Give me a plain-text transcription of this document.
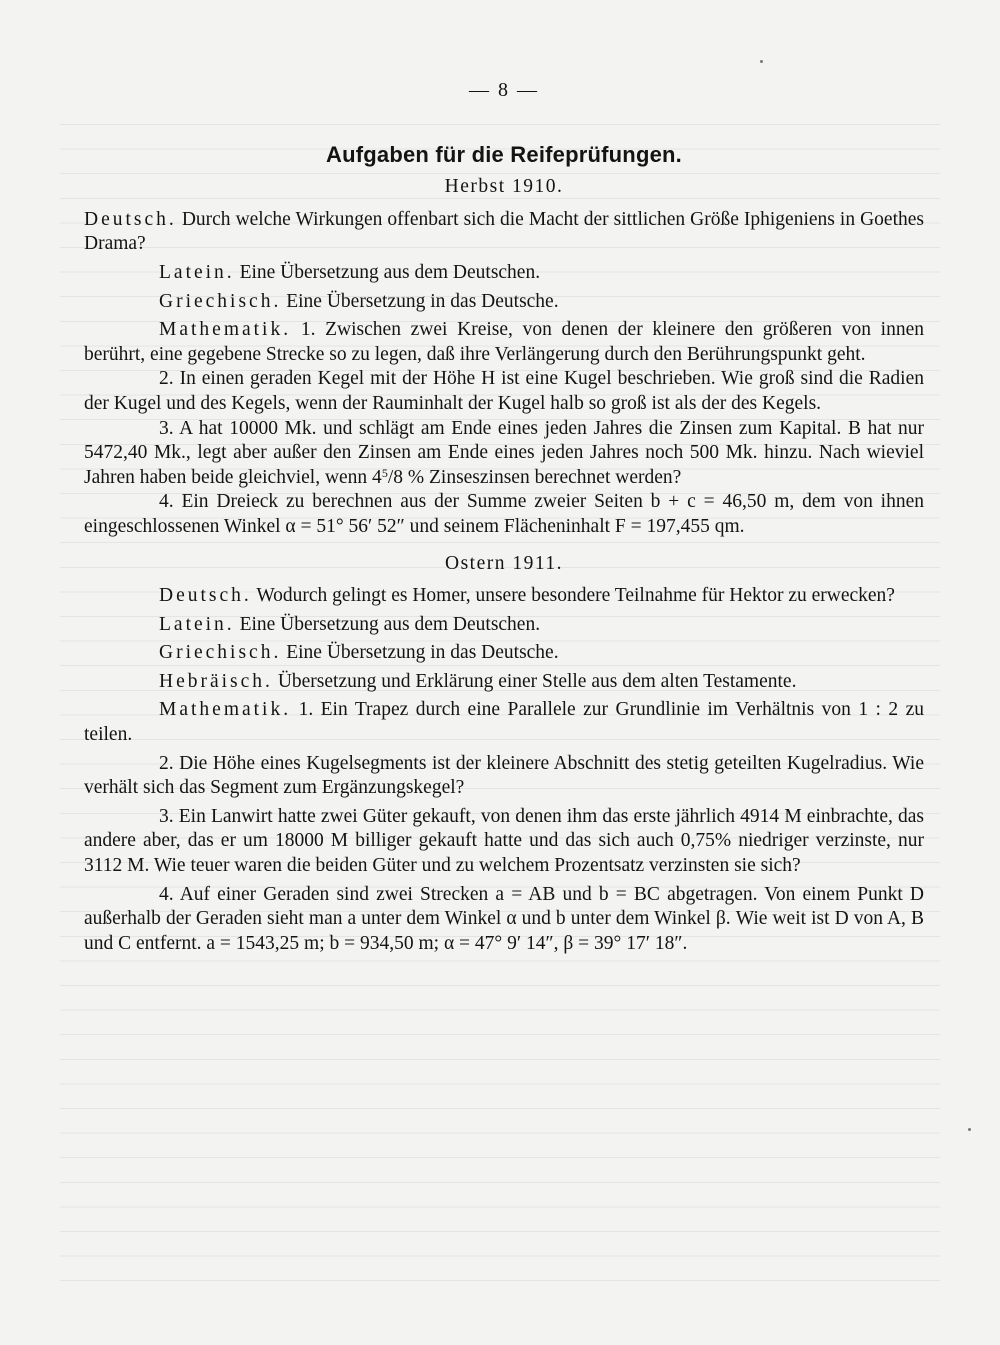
— 8 —
Aufgaben für die Reifeprüfungen.
Herbst 1910.

Deutsch. Durch welche Wirkungen offenbart sich die Macht der sittlichen Größe Iphigeniens in Goethes Drama?

Latein. Eine Übersetzung aus dem Deutschen.

Griechisch. Eine Übersetzung in das Deutsche.

Mathematik. 1. Zwischen zwei Kreise, von denen der kleinere den größeren von innen berührt, eine gegebene Strecke so zu legen, daß ihre Verlängerung durch den Berührungspunkt geht.

2. In einen geraden Kegel mit der Höhe H ist eine Kugel beschrieben. Wie groß sind die Radien der Kugel und des Kegels, wenn der Rauminhalt der Kugel halb so groß ist als der des Kegels.

3. A hat 10000 Mk. und schlägt am Ende eines jeden Jahres die Zinsen zum Kapital. B hat nur 5472,40 Mk., legt aber außer den Zinsen am Ende eines jeden Jahres noch 500 Mk. hinzu. Nach wieviel Jahren haben beide gleichviel, wenn $4^5/8$ % Zinseszinsen berechnet werden?

4. Ein Dreieck zu berechnen aus der Summe zweier Seiten b + c = 46,50 m, dem von ihnen eingeschlossenen Winkel α = 51° 56′ 52″ und seinem Flächeninhalt F = 197,455 qm.

Ostern 1911.

Deutsch. Wodurch gelingt es Homer, unsere besondere Teilnahme für Hektor zu erwecken?

Latein. Eine Übersetzung aus dem Deutschen.

Griechisch. Eine Übersetzung in das Deutsche.

Hebräisch. Übersetzung und Erklärung einer Stelle aus dem alten Testamente.

Mathematik. 1. Ein Trapez durch eine Parallele zur Grundlinie im Verhältnis von 1 : 2 zu teilen.

2. Die Höhe eines Kugelsegments ist der kleinere Abschnitt des stetig geteilten Kugelradius. Wie verhält sich das Segment zum Ergänzungskegel?

3. Ein Lanwirt hatte zwei Güter gekauft, von denen ihm das erste jährlich 4914 M einbrachte, das andere aber, das er um 18000 M billiger gekauft hatte und das sich auch 0,75% niedriger verzinste, nur 3112 M. Wie teuer waren die beiden Güter und zu welchem Prozentsatz verzinsten sie sich?

4. Auf einer Geraden sind zwei Strecken a = AB und b = BC abgetragen. Von einem Punkt D außerhalb der Geraden sieht man a unter dem Winkel α und b unter dem Winkel β. Wie weit ist D von A, B und C entfernt. a = 1543,25 m; b = 934,50 m; α = 47° 9′ 14″, β = 39° 17′ 18″.
